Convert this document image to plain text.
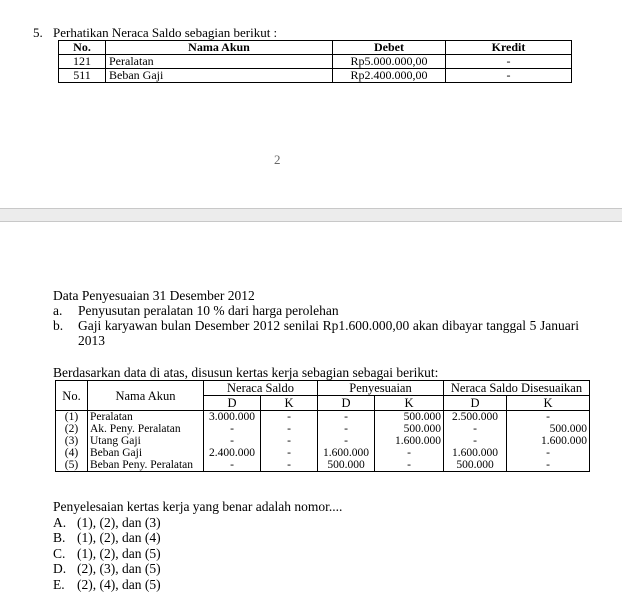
5. Perhatikan Neraca Saldo sebagian berikut :
No.	Nama Akun	Debet	Kredit
121	Peralatan	Rp5.000.000,00	-
511	Beban Gaji	Rp2.400.000,00	-
2
Data Penyesuaian 31 Desember 2012
a.	Penyusutan peralatan 10 % dari harga perolehan
b.	Gaji karyawan bulan Desember 2012 senilai Rp1.600.000,00 akan dibayar tanggal 5 Januari 2013
Berdasarkan data di atas, disusun kertas kerja sebagian sebagai berikut:
No.	Nama Akun	Neraca Saldo		Penyesuaian		Neraca Saldo Disesuaikan	
		D	K	D	K	D	K
(1)	Peralatan	3.000.000	-	-	500.000	2.500.000	-
(2)	Ak. Peny. Peralatan	-	-	-	500.000	-	500.000
(3)	Utang Gaji	-	-	-	1.600.000	-	1.600.000
(4)	Beban Gaji	2.400.000	-	1.600.000	-	1.600.000	-
(5)	Beban Peny. Peralatan	-	-	500.000	-	500.000	-
Penyelesaian kertas kerja yang benar adalah nomor....
A. (1), (2), dan (3)
B. (1), (2), dan (4)
C. (1), (2), dan (5)
D. (2), (3), dan (5)
E. (2), (4), dan (5)
